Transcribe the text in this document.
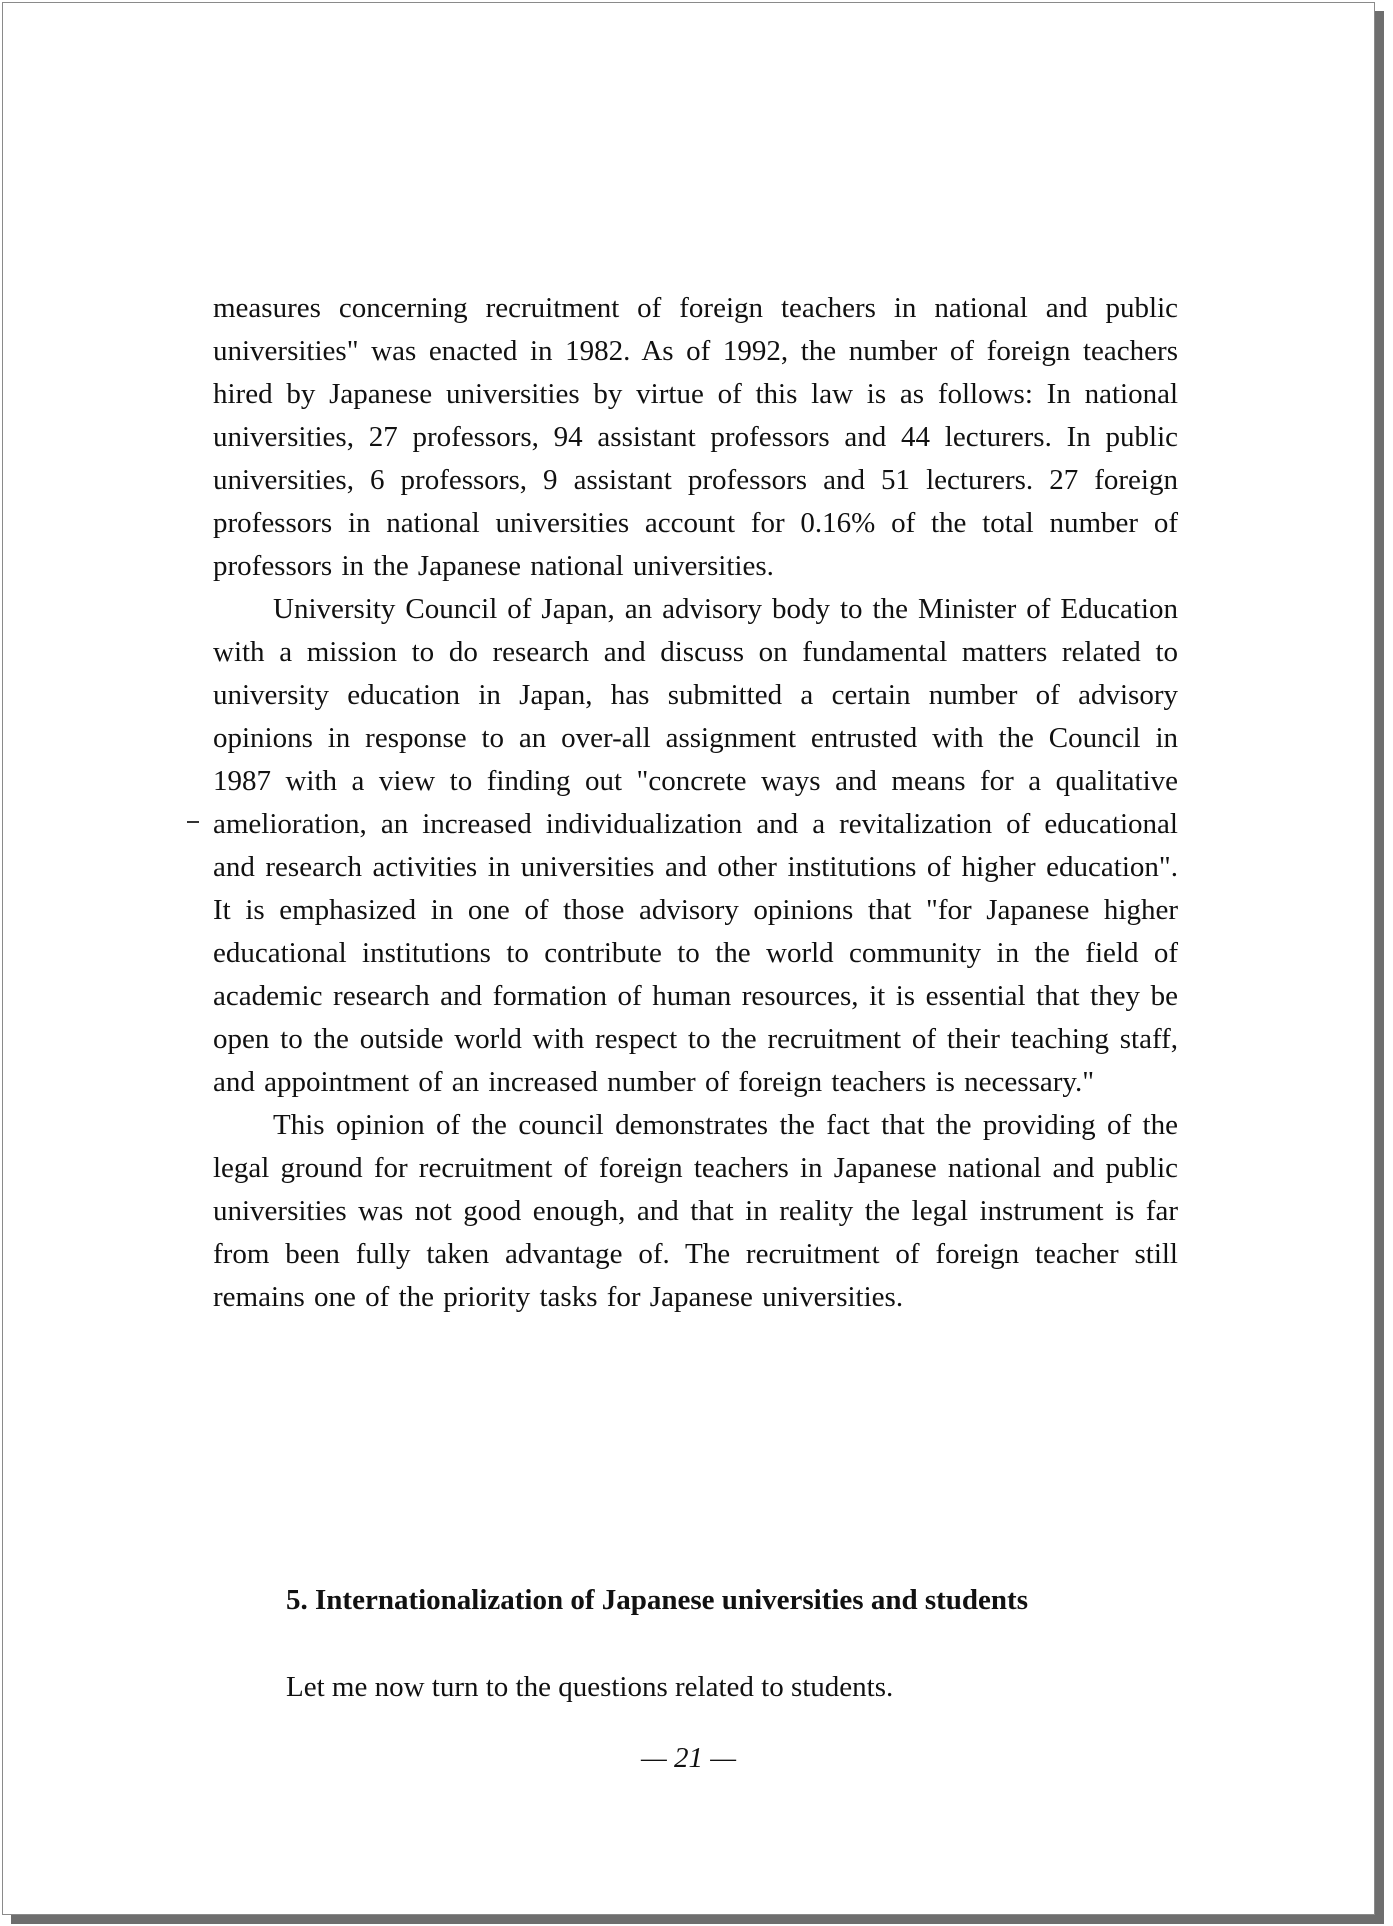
measures concerning recruitment of foreign teachers in national and public universities" was enacted in 1982. As of 1992, the number of foreign teachers hired by Japanese universities by virtue of this law is as follows: In national universities, 27 professors, 94 assistant professors and 44 lecturers. In public universities, 6 professors, 9 assistant professors and 51 lecturers. 27 foreign professors in national universities account for 0.16% of the total number of professors in the Japanese national universities.

University Council of Japan, an advisory body to the Minister of Education with a mission to do research and discuss on fundamental matters related to university education in Japan, has submitted a certain number of advisory opinions in response to an over-all assignment entrusted with the Council in 1987 with a view to finding out "concrete ways and means for a qualitative amelioration, an increased individualization and a revitalization of educational and research activities in universities and other institutions of higher education". It is emphasized in one of those advisory opinions that "for Japanese higher educational institutions to contribute to the world community in the field of academic research and formation of human resources, it is essential that they be open to the outside world with respect to the recruitment of their teaching staff, and appointment of an increased number of foreign teachers is necessary."

This opinion of the council demonstrates the fact that the providing of the legal ground for recruitment of foreign teachers in Japanese national and public universities was not good enough, and that in reality the legal instrument is far from been fully taken advantage of. The recruitment of foreign teacher still remains one of the priority tasks for Japanese universities.

5. Internationalization of Japanese universities and students

Let me now turn to the questions related to students.

— 21 —
